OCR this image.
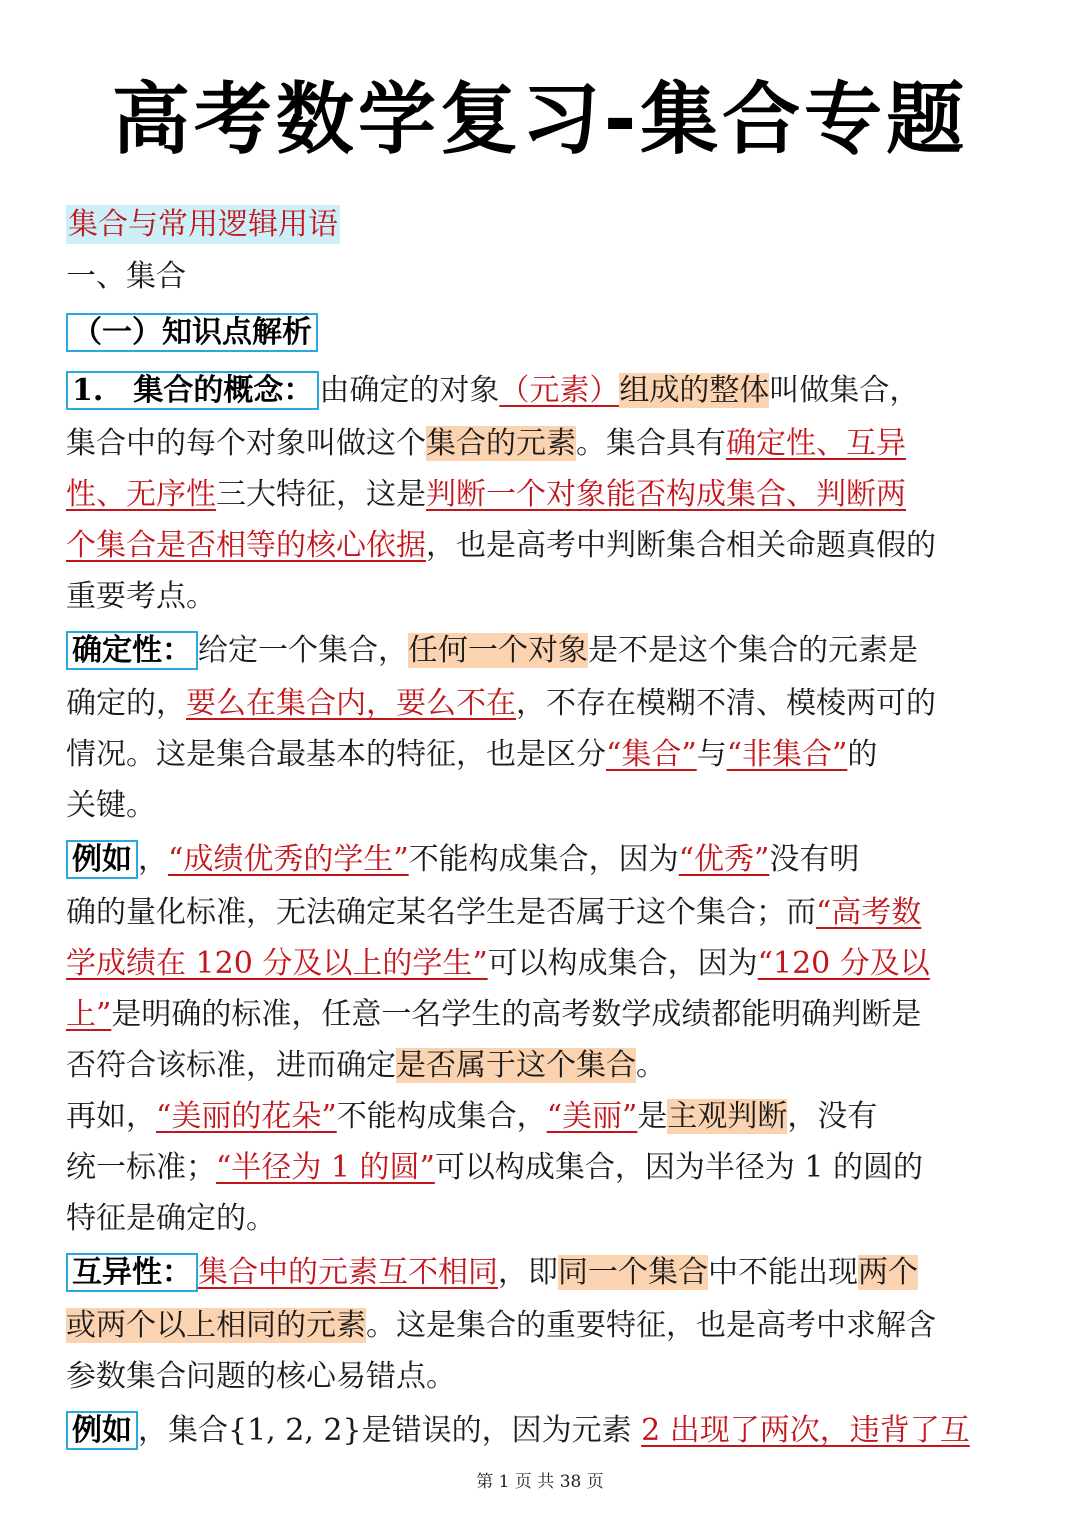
高考数学复习-集合专题
集合与常用逻辑用语
一、集合
（一）知识点解析
1.　集合的概念： 由确定的对象（元素）组成的整体叫做集合，
集合中的每个对象叫做这个集合的元素。集合具有确定性、互异
性、无序性三大特征，这是判断一个对象能否构成集合、判断两
个集合是否相等的核心依据，也是高考中判断集合相关命题真假的
重要考点。
确定性： 给定一个集合，任何一个对象是不是这个集合的元素是
确定的，要么在集合内，要么不在，不存在模糊不清、模棱两可的
情况。这是集合最基本的特征，也是区分“集合”与“非集合”的
关键。
例如 ，“成绩优秀的学生”不能构成集合，因为“优秀”没有明
确的量化标准，无法确定某名学生是否属于这个集合；而“高考数
学成绩在 120 分及以上的学生”可以构成集合，因为“120 分及以
上”是明确的标准，任意一名学生的高考数学成绩都能明确判断是
否符合该标准，进而确定是否属于这个集合。
再如，“美丽的花朵”不能构成集合，“美丽”是主观判断，没有
统一标准；“半径为 1 的圆”可以构成集合，因为半径为 1 的圆的
特征是确定的。
互异性： 集合中的元素互不相同，即同一个集合中不能出现两个
或两个以上相同的元素。这是集合的重要特征，也是高考中求解含
参数集合问题的核心易错点。
例如 ，集合{1, 2, 2}是错误的，因为元素 2 出现了两次，违背了互
第 1 页 共 38 页
